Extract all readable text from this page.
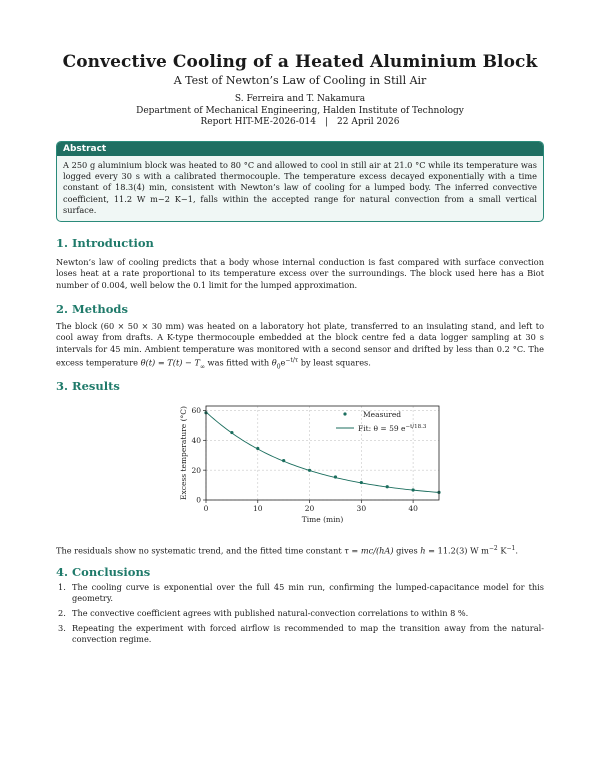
Convective Cooling of a Heated Aluminium Block
A Test of Newton’s Law of Cooling in Still Air
S. Ferreira and T. Nakamura
Department of Mechanical Engineering, Halden Institute of Technology
Report HIT-ME-2026-014 | 22 April 2026
Abstract
A 250 g aluminium block was heated to 80 °C and allowed to cool in still air at 21.0 °C while its temperature was logged every 30 s with a calibrated thermocouple. The temperature excess decayed exponentially with a time constant of 18.3(4) min, consistent with Newton’s law of cooling for a lumped body. The inferred convective coefficient, 11.2 W m−2 K−1, falls within the accepted range for natural convection from a small vertical surface.
1. Introduction
Newton’s law of cooling predicts that a body whose internal conduction is fast compared with surface convection loses heat at a rate proportional to its temperature excess over the surroundings. The block used here has a Biot number of 0.004, well below the 0.1 limit for the lumped approximation.
2. Methods
The block (60 × 50 × 30 mm) was heated on a laboratory hot plate, transferred to an insulating stand, and left to cool away from drafts. A K-type thermocouple embedded at the block centre fed a data logger sampling at 30 s intervals for 45 min. Ambient temperature was monitored with a second sensor and drifted by less than 0.2 °C. The excess temperature $\theta(t) = T(t) - T_\infty$ was fitted with $\theta_0e^{-t/\tau}$ by least squares.
3. Results
0	10	20	30	40
0
20
40
60
Time (min)
Excess temperature (°C)	Measured
Fit: θ = 59 $e^{-t/18.3}$
The residuals show no systematic trend, and the fitted time constant τ = mc/(hA) gives h = 11.2(3) W $m^{-2}$ $K^{-1}$.
4. Conclusions
1. The cooling curve is exponential over the full 45 min run, confirming the lumped-capacitance model for this geometry.
2. The convective coefficient agrees with published natural-convection correlations to within 8 %.
3. Repeating the experiment with forced airflow is recommended to map the transition away from the natural-convection regime.
